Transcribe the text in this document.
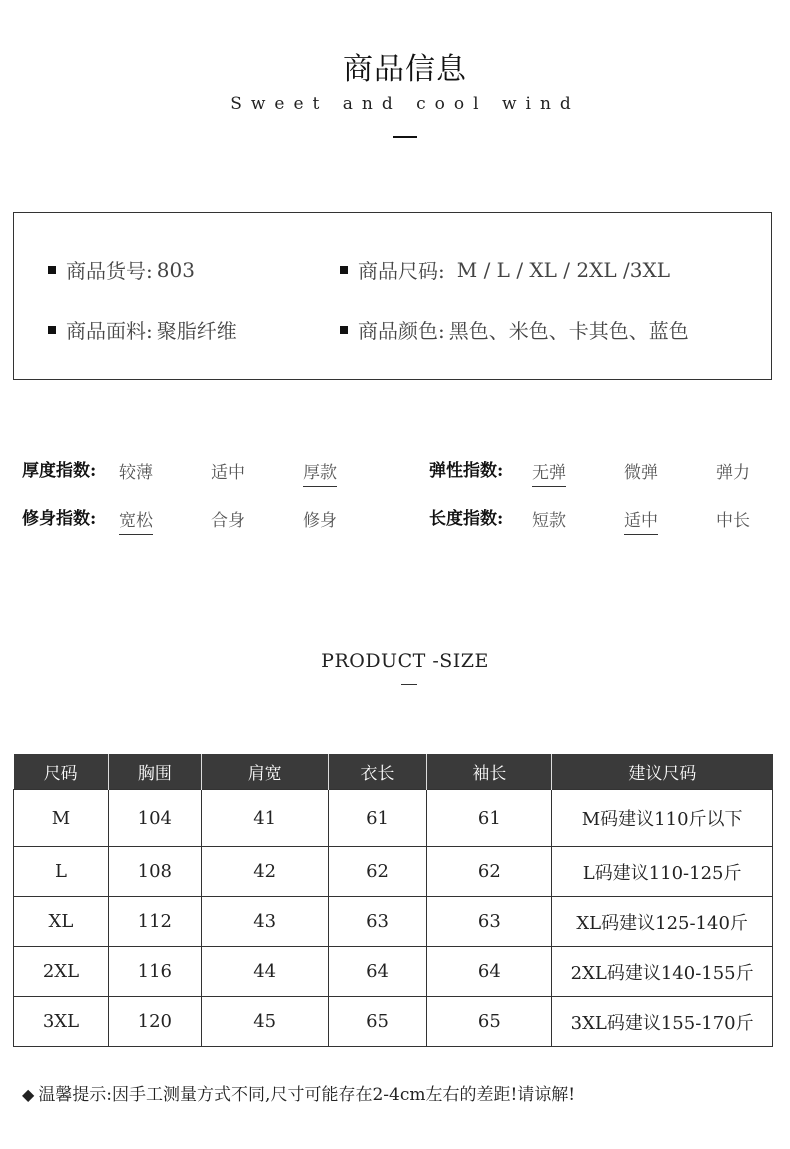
商品信息
Sweet and cool wind
商品货号: 803	商品尺码: M / L / XL / 2XL /3XL
商品面料: 聚脂纤维	商品颜色: 黑色、米色、卡其色、蓝色
厚度指数: 较薄	适中	厚款	弹性指数: 无弹	微弹	弹力
修身指数: 宽松	合身	修身	长度指数: 短款	适中	中长
PRODUCT -SIZE
尺码	胸围	肩宽	衣长	袖长	建议尺码
M	104	41	61	61	M码建议110斤以下
L	108	42	62	62	L码建议110-125斤
XL	112	43	63	63	XL码建议125-140斤
2XL	116	44	64	64	2XL码建议140-155斤
3XL	120	45	65	65	3XL码建议155-170斤
◆ 温馨提示:因手工测量方式不同,尺寸可能存在2-4cm左右的差距!请谅解!
